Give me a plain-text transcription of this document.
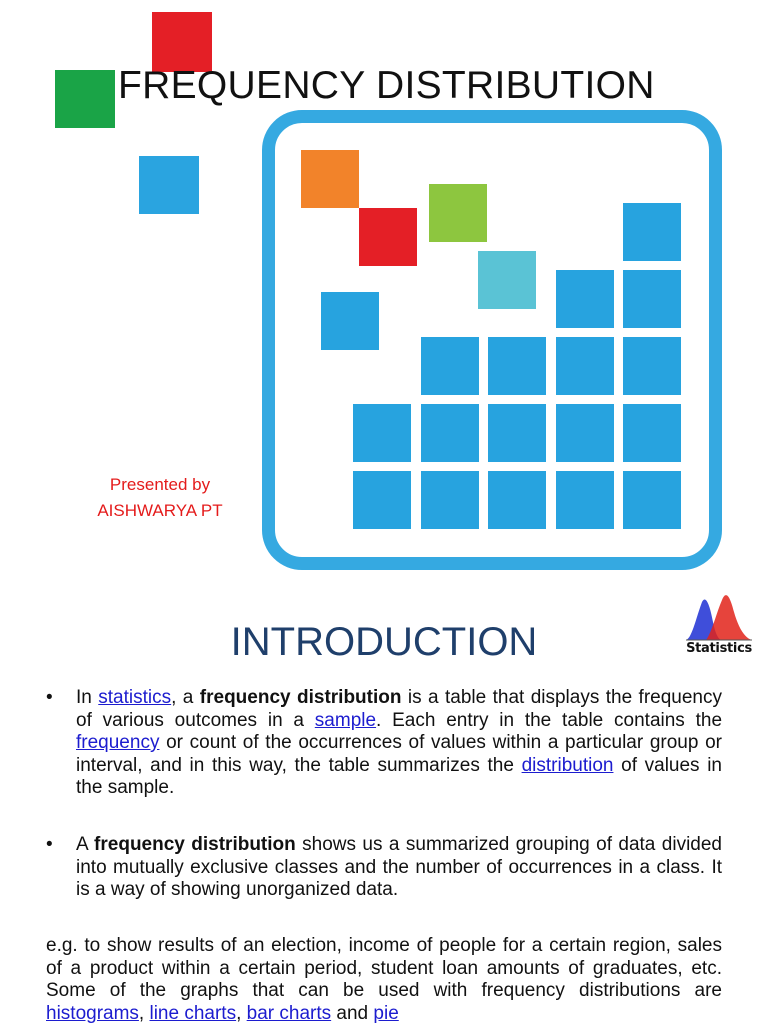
FREQUENCY DISTRIBUTION
Presented by
AISHWARYA PT
Statistics
INTRODUCTION
• In statistics, a frequency distribution is a table that displays the frequency of various outcomes in a sample. Each entry in the table contains the frequency or count of the occurrences of values within a particular group or interval, and in this way, the table summarizes the distribution of values in the sample.
• A frequency distribution shows us a summarized grouping of data divided into mutually exclusive classes and the number of occurrences in a class. It is a way of showing unorganized data.
e.g. to show results of an election, income of people for a certain region, sales of a product within a certain period, student loan amounts of graduates, etc. Some of the graphs that can be used with frequency distributions are histograms, line charts, bar charts and pie
